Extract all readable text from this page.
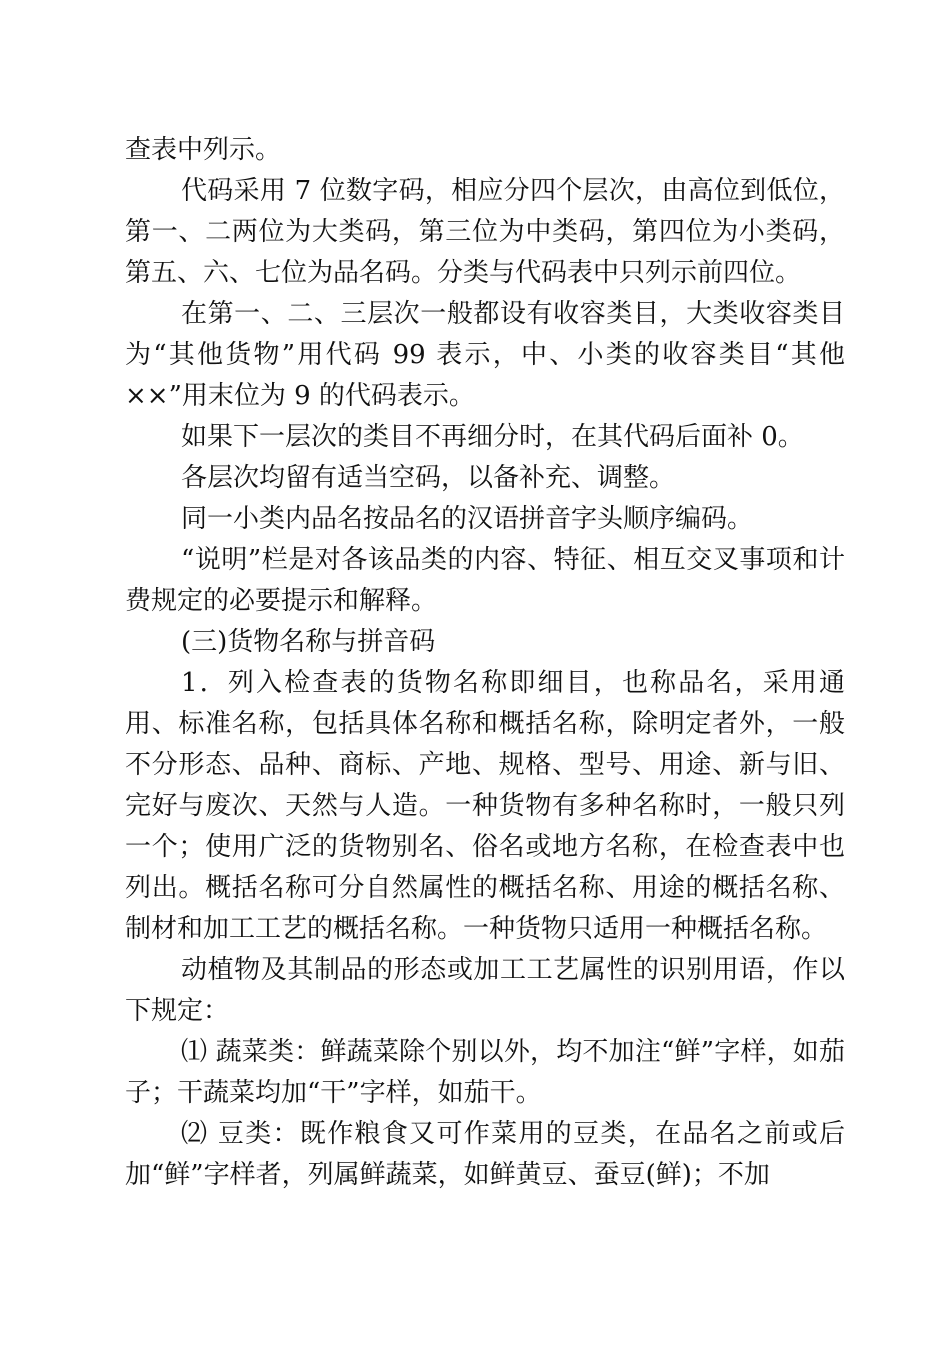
查表中列示。

代码采用 7 位数字码，相应分四个层次，由高位到低位，第一、二两位为大类码，第三位为中类码，第四位为小类码，第五、六、七位为品名码。分类与代码表中只列示前四位。

在第一、二、三层次一般都设有收容类目，大类收容类目为“其他货物”用代码 99 表示，中、小类的收容类目“其他××”用末位为 9 的代码表示。

如果下一层次的类目不再细分时，在其代码后面补 0。

各层次均留有适当空码，以备补充、调整。

同一小类内品名按品名的汉语拼音字头顺序编码。

“说明”栏是对各该品类的内容、特征、相互交叉事项和计费规定的必要提示和解释。

(三)货物名称与拼音码

1．列入检查表的货物名称即细目，也称品名，采用通用、标准名称，包括具体名称和概括名称，除明定者外，一般不分形态、品种、商标、产地、规格、型号、用途、新与旧、完好与废次、天然与人造。一种货物有多种名称时，一般只列一个；使用广泛的货物别名、俗名或地方名称，在检查表中也列出。概括名称可分自然属性的概括名称、用途的概括名称、制材和加工工艺的概括名称。一种货物只适用一种概括名称。

动植物及其制品的形态或加工工艺属性的识别用语，作以下规定：

⑴ 蔬菜类：鲜蔬菜除个别以外，均不加注“鲜”字样，如茄子；干蔬菜均加“干”字样，如茄干。

⑵ 豆类：既作粮食又可作菜用的豆类，在品名之前或后加“鲜”字样者，列属鲜蔬菜，如鲜黄豆、蚕豆(鲜)；不加
